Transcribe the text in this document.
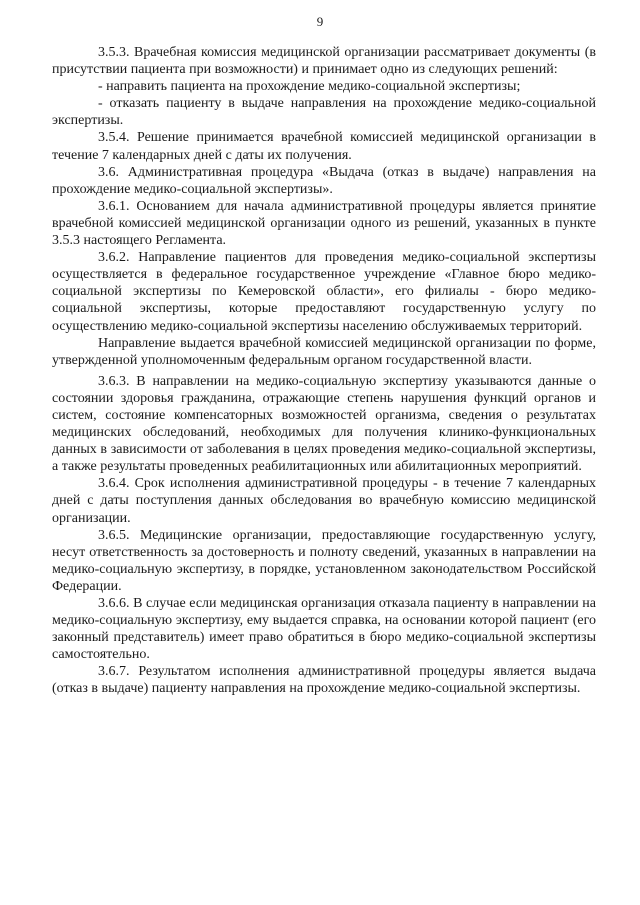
9

3.5.3. Врачебная комиссия медицинской организации рассматривает документы (в присутствии пациента при возможности) и принимает одно из следующих решений:

- направить пациента на прохождение медико-социальной экспертизы;

- отказать пациенту в выдаче направления на прохождение медико-социальной экспертизы.

3.5.4. Решение принимается врачебной комиссией медицинской организации в течение 7 календарных дней с даты их получения.

3.6. Административная процедура «Выдача (отказ в выдаче) направления на прохождение медико-социальной экспертизы».

3.6.1. Основанием для начала административной процедуры является принятие врачебной комиссией медицинской организации одного из решений, указанных в пункте 3.5.3 настоящего Регламента.

3.6.2. Направление пациентов для проведения медико-социальной экспертизы осуществляется в федеральное государственное учреждение «Главное бюро медико-социальной экспертизы по Кемеровской области», его филиалы - бюро медико-социальной экспертизы, которые предоставляют государственную услугу по осуществлению медико-социальной экспертизы населению обслуживаемых территорий.

Направление выдается врачебной комиссией медицинской организации по форме, утвержденной уполномоченным федеральным органом государственной власти.

3.6.3. В направлении на медико-социальную экспертизу указываются данные о состоянии здоровья гражданина, отражающие степень нарушения функций органов и систем, состояние компенсаторных возможностей организма, сведения о результатах медицинских обследований, необходимых для получения клинико-функциональных данных в зависимости от заболевания в целях проведения медико-социальной экспертизы, а также результаты проведенных реабилитационных или абилитационных мероприятий.

3.6.4. Срок исполнения административной процедуры - в течение 7 календарных дней с даты поступления данных обследования во врачебную комиссию медицинской организации.

3.6.5. Медицинские организации, предоставляющие государственную услугу, несут ответственность за достоверность и полноту сведений, указанных в направлении на медико-социальную экспертизу, в порядке, установленном законодательством Российской Федерации.

3.6.6. В случае если медицинская организация отказала пациенту в направлении на медико-социальную экспертизу, ему выдается справка, на основании которой пациент (его законный представитель) имеет право обратиться в бюро медико-социальной экспертизы самостоятельно.

3.6.7. Результатом исполнения административной процедуры является выдача (отказ в выдаче) пациенту направления на прохождение медико-социальной экспертизы.
